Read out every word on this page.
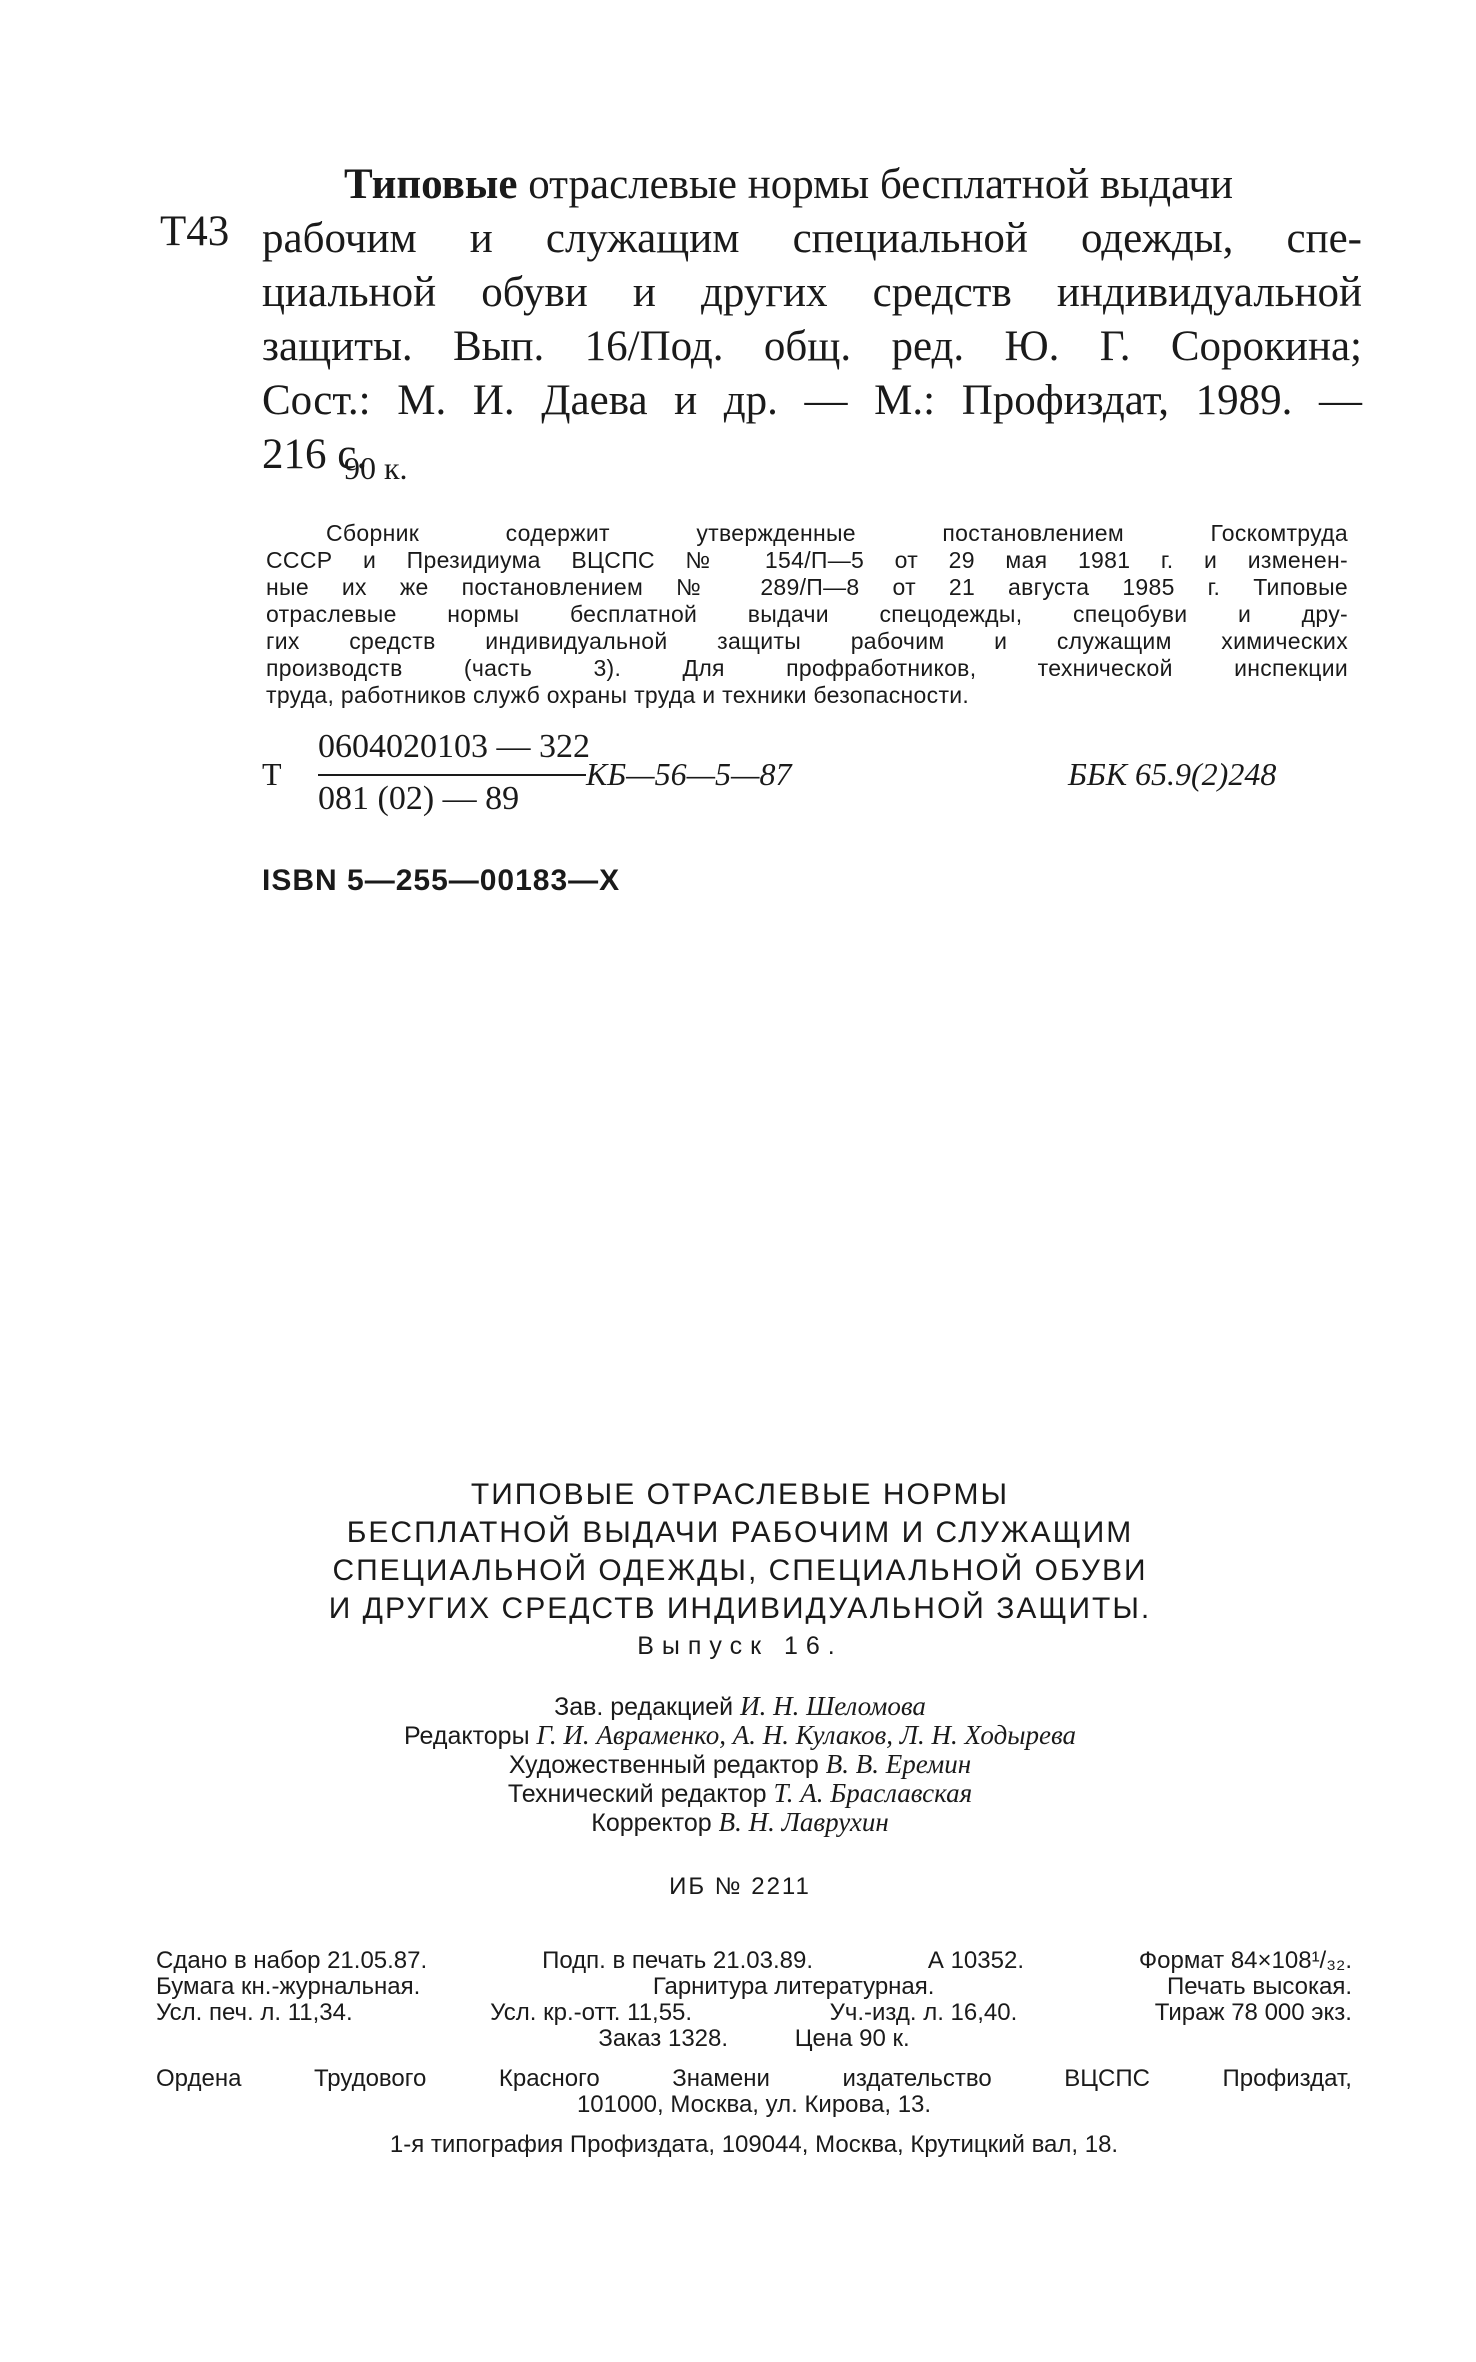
Т43
Типовые отраслевые нормы бесплатной выдачи
рабочим и служащим специальной одежды, спе-
циальной обуви и других средств индивидуальной
защиты. Вып. 16/Под. общ. ред. Ю. Г. Сорокина;
Сост.: М. И. Даева и др. — М.: Профиздат, 1989. —
216 с.
90 к.

Сборник содержит утвержденные постановлением Госкомтруда

СССР и Президиума ВЦСПС № 154/П—5 от 29 мая 1981 г. и изменен-

ные их же постановлением № 289/П—8 от 21 августа 1985 г. Типовые

отраслевые нормы бесплатной выдачи спецодежды, спецобуви и дру-

гих средств индивидуальной защиты рабочим и служащим химических

производств (часть 3). Для профработников, технической инспекции

труда, работников служб охраны труда и техники безопасности.

Т
0604020103 — 322
081 (02) — 89
КБ—56—5—87	ББК 65.9(2)248
ISBN 5—255—00183—X
ТИПОВЫЕ ОТРАСЛЕВЫЕ НОРМЫ
БЕСПЛАТНОЙ ВЫДАЧИ РАБОЧИМ И СЛУЖАЩИМ
СПЕЦИАЛЬНОЙ ОДЕЖДЫ, СПЕЦИАЛЬНОЙ ОБУВИ
И ДРУГИХ СРЕДСТВ ИНДИВИДУАЛЬНОЙ ЗАЩИТЫ.
Выпуск 16.
Зав. редакцией И. Н. Шеломова
Редакторы Г. И. Авраменко, А. Н. Кулаков, Л. Н. Ходырева
Художественный редактор В. В. Еремин
Технический редактор Т. А. Браславская
Корректор В. Н. Лаврухин
ИБ № 2211
Сдано в набор 21.05.87.	Подп. в печать 21.03.89.	А 10352.	Формат 84×108¹/₃₂.
Бумага кн.-журнальная.	Гарнитура литературная.	Печать высокая.
Усл. печ. л. 11,34.	Усл. кр.-отт. 11,55.	Уч.-изд. л. 16,40.	Тираж 78 000 экз.
Заказ 1328.          Цена 90 к.
Ордена	Трудового	Красного	Знамени	издательство	ВЦСПС	Профиздат,
101000, Москва, ул. Кирова, 13.
1-я типография Профиздата, 109044, Москва, Крутицкий вал, 18.
